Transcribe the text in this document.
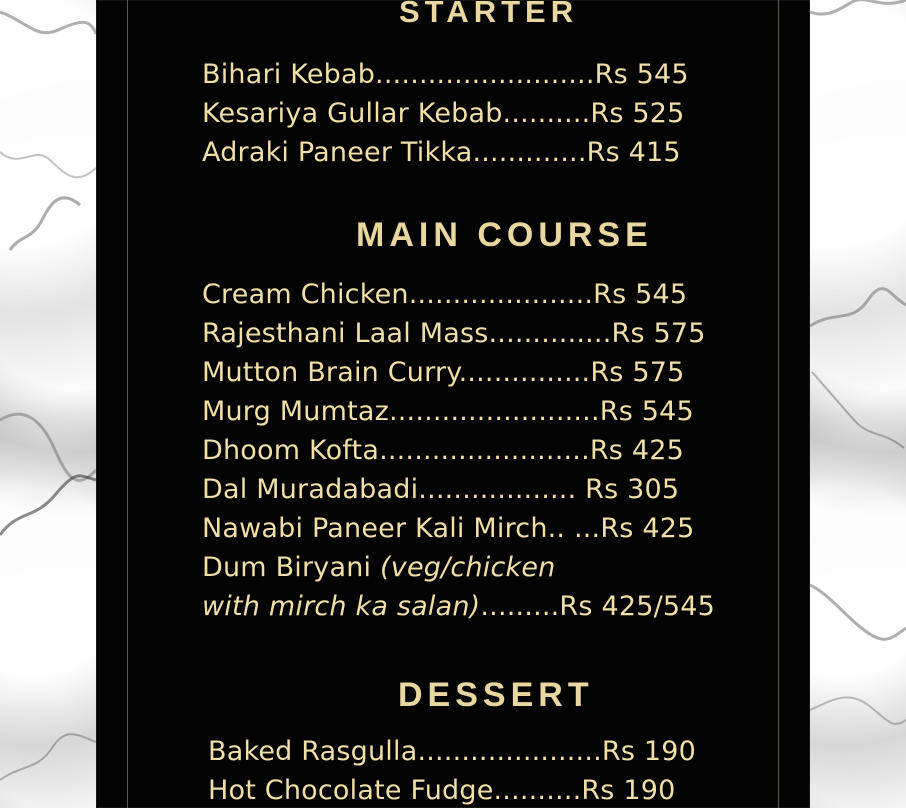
STARTER
Bihari Kebab.........................Rs 545
Kesariya Gullar Kebab..........Rs 525
Adraki Paneer Tikka.............Rs 415
MAIN COURSE
Cream Chicken.....................Rs 545
Rajesthani Laal Mass..............Rs 575
Mutton Brain Curry...............Rs 575
Murg Mumtaz........................Rs 545
Dhoom Kofta........................Rs 425
Dal Muradabadi.................. Rs 305
Nawabi Paneer Kali Mirch.. ...Rs 425
Dum Biryani (veg/chicken
with mirch ka salan).........Rs 425/545
DESSERT
Baked Rasgulla.....................Rs 190
Hot Chocolate Fudge..........Rs 190
